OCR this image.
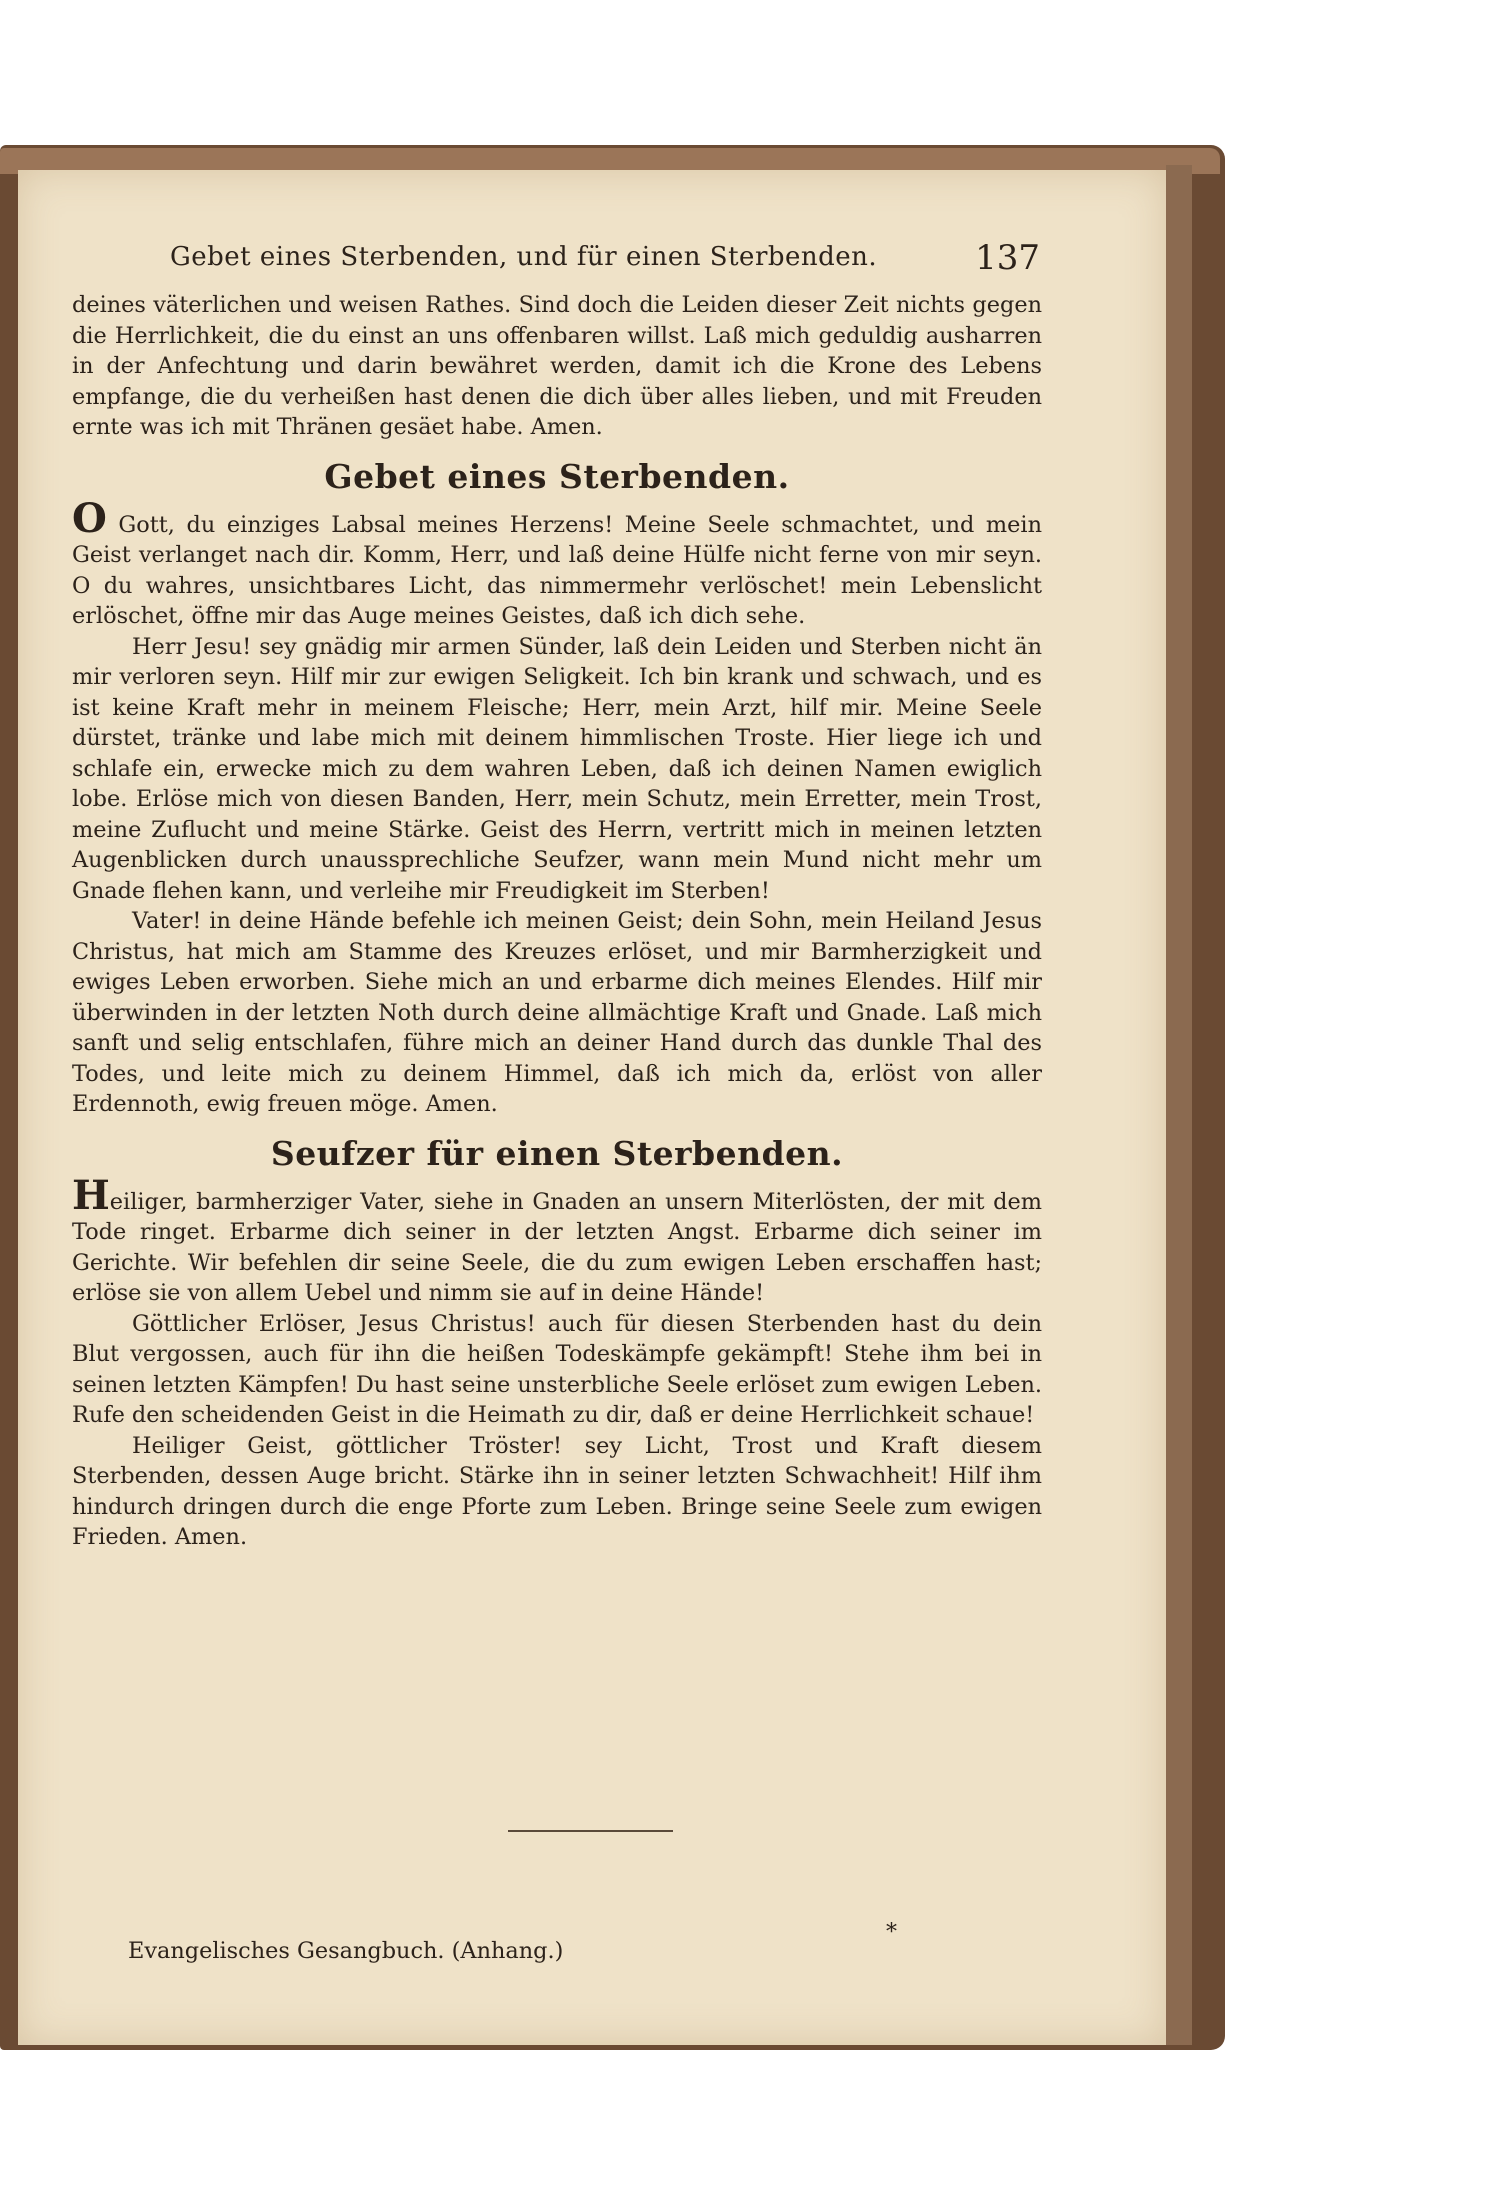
Gebet eines Sterbenden, und für einen Sterbenden.	137

deines väterlichen und weisen Rathes. Sind doch die Leiden dieser Zeit nichts gegen die Herrlichkeit, die du einst an uns offenbaren willst. Laß mich geduldig ausharren in der Anfechtung und darin bewähret werden, damit ich die Krone des Lebens empfange, die du verheißen hast denen die dich über alles lieben, und mit Freuden ernte was ich mit Thränen gesäet habe. Amen.

Gebet eines Sterbenden.

O Gott, du einziges Labsal meines Herzens! Meine Seele schmachtet, und mein Geist verlanget nach dir. Komm, Herr, und laß deine Hülfe nicht ferne von mir seyn. O du wahres, unsichtbares Licht, das nimmermehr verlöschet! mein Lebenslicht erlöschet, öffne mir das Auge meines Geistes, daß ich dich sehe.

Herr Jesu! sey gnädig mir armen Sünder, laß dein Leiden und Sterben nicht än mir verloren seyn. Hilf mir zur ewigen Seligkeit. Ich bin krank und schwach, und es ist keine Kraft mehr in meinem Fleische; Herr, mein Arzt, hilf mir. Meine Seele dürstet, tränke und labe mich mit deinem himmlischen Troste. Hier liege ich und schlafe ein, erwecke mich zu dem wahren Leben, daß ich deinen Namen ewiglich lobe. Erlöse mich von diesen Banden, Herr, mein Schutz, mein Erretter, mein Trost, meine Zuflucht und meine Stärke. Geist des Herrn, vertritt mich in meinen letzten Augenblicken durch unaussprechliche Seufzer, wann mein Mund nicht mehr um Gnade flehen kann, und verleihe mir Freudigkeit im Sterben!

Vater! in deine Hände befehle ich meinen Geist; dein Sohn, mein Heiland Jesus Christus, hat mich am Stamme des Kreuzes erlöset, und mir Barmherzigkeit und ewiges Leben erworben. Siehe mich an und erbarme dich meines Elendes. Hilf mir überwinden in der letzten Noth durch deine allmächtige Kraft und Gnade. Laß mich sanft und selig entschlafen, führe mich an deiner Hand durch das dunkle Thal des Todes, und leite mich zu deinem Himmel, daß ich mich da, erlöst von aller Erdennoth, ewig freuen möge. Amen.

Seufzer für einen Sterbenden.

Heiliger, barmherziger Vater, siehe in Gnaden an unsern Miterlösten, der mit dem Tode ringet. Erbarme dich seiner in der letzten Angst. Erbarme dich seiner im Gerichte. Wir befehlen dir seine Seele, die du zum ewigen Leben erschaffen hast; erlöse sie von allem Uebel und nimm sie auf in deine Hände!

Göttlicher Erlöser, Jesus Christus! auch für diesen Sterbenden hast du dein Blut vergossen, auch für ihn die heißen Todeskämpfe gekämpft! Stehe ihm bei in seinen letzten Kämpfen! Du hast seine unsterbliche Seele erlöset zum ewigen Leben. Rufe den scheidenden Geist in die Heimath zu dir, daß er deine Herrlichkeit schaue!

Heiliger Geist, göttlicher Tröster! sey Licht, Trost und Kraft diesem Sterbenden, dessen Auge bricht. Stärke ihn in seiner letzten Schwachheit! Hilf ihm hindurch dringen durch die enge Pforte zum Leben. Bringe seine Seele zum ewigen Frieden. Amen.

*
Evangelisches Gesangbuch. (Anhang.)
